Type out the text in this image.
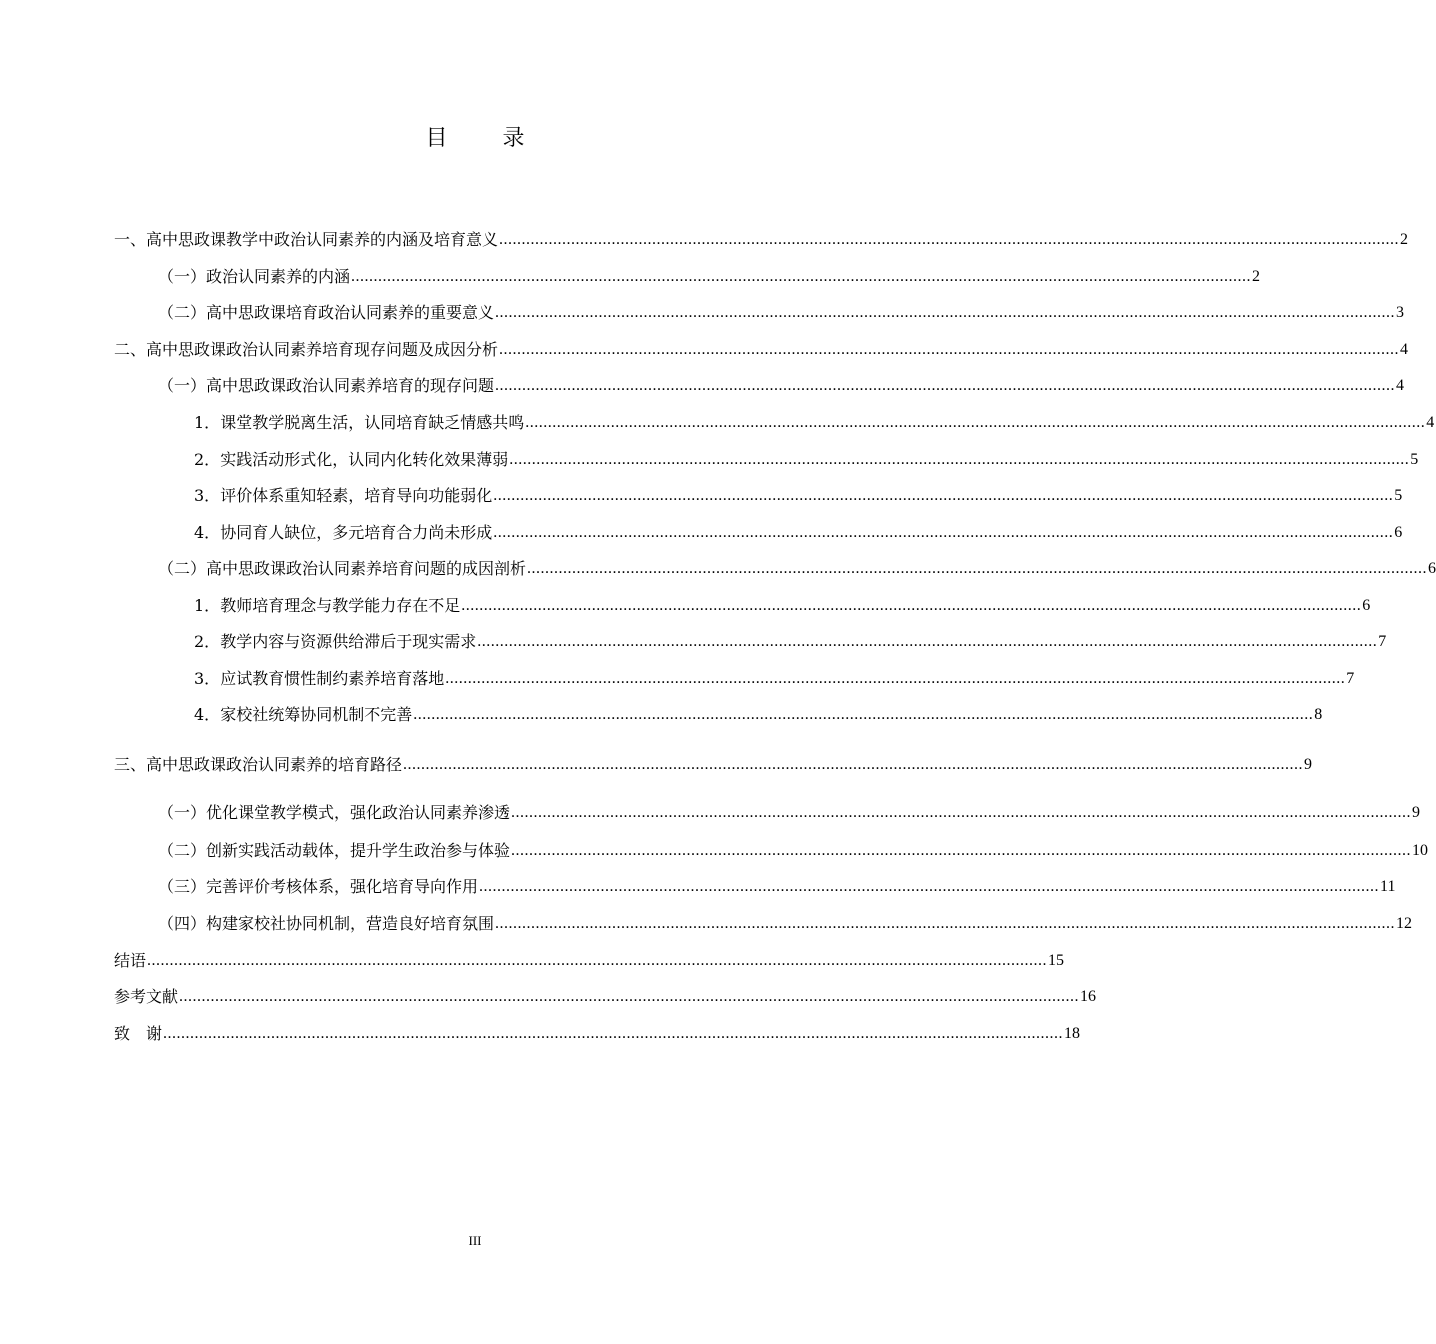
目 录
一、 高中思政课教学中政治认同素养的内涵及培育意义 ........................................................................................................................................................................................................ 2
（一） 政治认同素养的内涵 ........................................................................................................................................................................................................ 2
（二） 高中思政课培育政治认同素养的重要意义 ........................................................................................................................................................................................................ 3
二、 高中思政课政治认同素养培育现存问题及成因分析 ........................................................................................................................................................................................................ 4
（一） 高中思政课政治认同素养培育的现存问题 ........................................................................................................................................................................................................ 4
1． 课堂教学脱离生活，认同培育缺乏情感共鸣 ........................................................................................................................................................................................................ 4
2． 实践活动形式化，认同内化转化效果薄弱 ........................................................................................................................................................................................................ 5
3． 评价体系重知轻素，培育导向功能弱化 ........................................................................................................................................................................................................ 5
4． 协同育人缺位，多元培育合力尚未形成 ........................................................................................................................................................................................................ 6
（二） 高中思政课政治认同素养培育问题的成因剖析 ........................................................................................................................................................................................................ 6
1． 教师培育理念与教学能力存在不足 ........................................................................................................................................................................................................ 6
2． 教学内容与资源供给滞后于现实需求 ........................................................................................................................................................................................................ 7
3． 应试教育惯性制约素养培育落地 ........................................................................................................................................................................................................ 7
4． 家校社统筹协同机制不完善 ........................................................................................................................................................................................................ 8
三、 高中思政课政治认同素养的培育路径 ........................................................................................................................................................................................................ 9
（一） 优化课堂教学模式，强化政治认同素养渗透 ........................................................................................................................................................................................................ 9
（二） 创新实践活动载体，提升学生政治参与体验 ........................................................................................................................................................................................................ 10
（三） 完善评价考核体系，强化培育导向作用 ........................................................................................................................................................................................................ 11
（四） 构建家校社协同机制，营造良好培育氛围 ........................................................................................................................................................................................................ 12
结语 ........................................................................................................................................................................................................ 15
参考文献 ........................................................................................................................................................................................................ 16
致　谢 ........................................................................................................................................................................................................ 18
III
